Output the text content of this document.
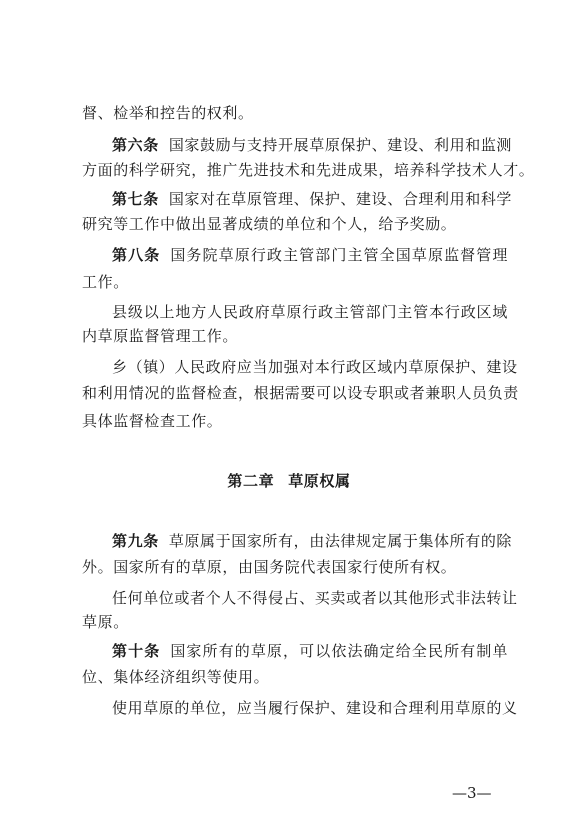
督、检举和控告的权利。
第六条 国家鼓励与支持开展草原保护、建设、利用和监测
方面的科学研究，推广先进技术和先进成果，培养科学技术人才。
第七条 国家对在草原管理、保护、建设、合理利用和科学
研究等工作中做出显著成绩的单位和个人，给予奖励。
第八条 国务院草原行政主管部门主管全国草原监督管理
工作。
县级以上地方人民政府草原行政主管部门主管本行政区域
内草原监督管理工作。
乡（镇）人民政府应当加强对本行政区域内草原保护、建设
和利用情况的监督检查，根据需要可以设专职或者兼职人员负责
具体监督检查工作。
第二章 草原权属
第九条 草原属于国家所有，由法律规定属于集体所有的除
外。国家所有的草原，由国务院代表国家行使所有权。
任何单位或者个人不得侵占、买卖或者以其他形式非法转让
草原。
第十条 国家所有的草原，可以依法确定给全民所有制单
位、集体经济组织等使用。
使用草原的单位，应当履行保护、建设和合理利用草原的义
—3—
